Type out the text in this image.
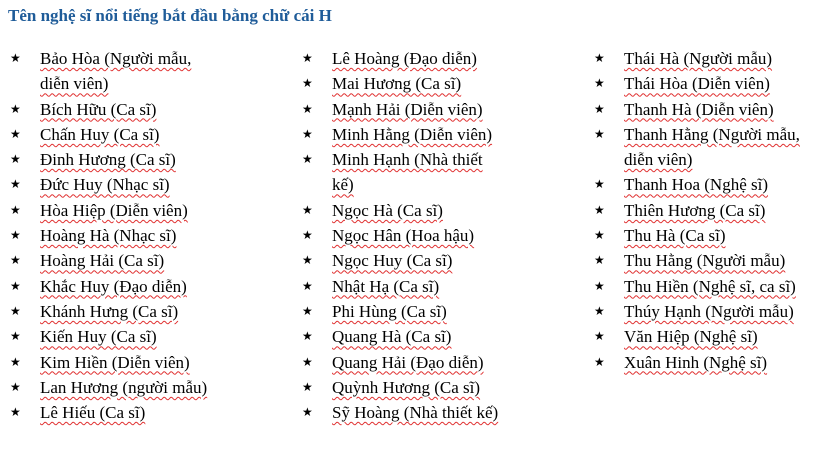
Tên nghệ sĩ nổi tiếng bắt đầu bằng chữ cái H
★ Bảo Hòa (Người mẫu,
diễn viên)
★ Bích Hữu (Ca sĩ)
★ Chấn Huy (Ca sĩ)
★ Đinh Hương (Ca sĩ)
★ Đức Huy (Nhạc sĩ)
★ Hòa Hiệp (Diễn viên)
★ Hoàng Hà (Nhạc sĩ)
★ Hoàng Hải (Ca sĩ)
★ Khắc Huy (Đạo diễn)
★ Khánh Hưng (Ca sĩ)
★ Kiến Huy (Ca sĩ)
★ Kim Hiền (Diễn viên)
★ Lan Hương (người mẫu)
★ Lê Hiếu (Ca sĩ)
★ Lê Hoàng (Đạo diễn)
★ Mai Hương (Ca sĩ)
★ Mạnh Hải (Diễn viên)
★ Minh Hằng (Diễn viên)
★ Minh Hạnh (Nhà thiết
kế)
★ Ngọc Hà (Ca sĩ)
★ Ngọc Hân (Hoa hậu)
★ Ngọc Huy (Ca sĩ)
★ Nhật Hạ (Ca sĩ)
★ Phi Hùng (Ca sĩ)
★ Quang Hà (Ca sĩ)
★ Quang Hải (Đạo diễn)
★ Quỳnh Hương (Ca sĩ)
★ Sỹ Hoàng (Nhà thiết kế)
★ Thái Hà (Người mẫu)
★ Thái Hòa (Diễn viên)
★ Thanh Hà (Diễn viên)
★ Thanh Hằng (Người mẫu,
diễn viên)
★ Thanh Hoa (Nghệ sĩ)
★ Thiên Hương (Ca sĩ)
★ Thu Hà (Ca sĩ)
★ Thu Hằng (Người mẫu)
★ Thu Hiền (Nghệ sĩ, ca sĩ)
★ Thúy Hạnh (Người mẫu)
★ Văn Hiệp (Nghệ sĩ)
★ Xuân Hinh (Nghệ sĩ)
